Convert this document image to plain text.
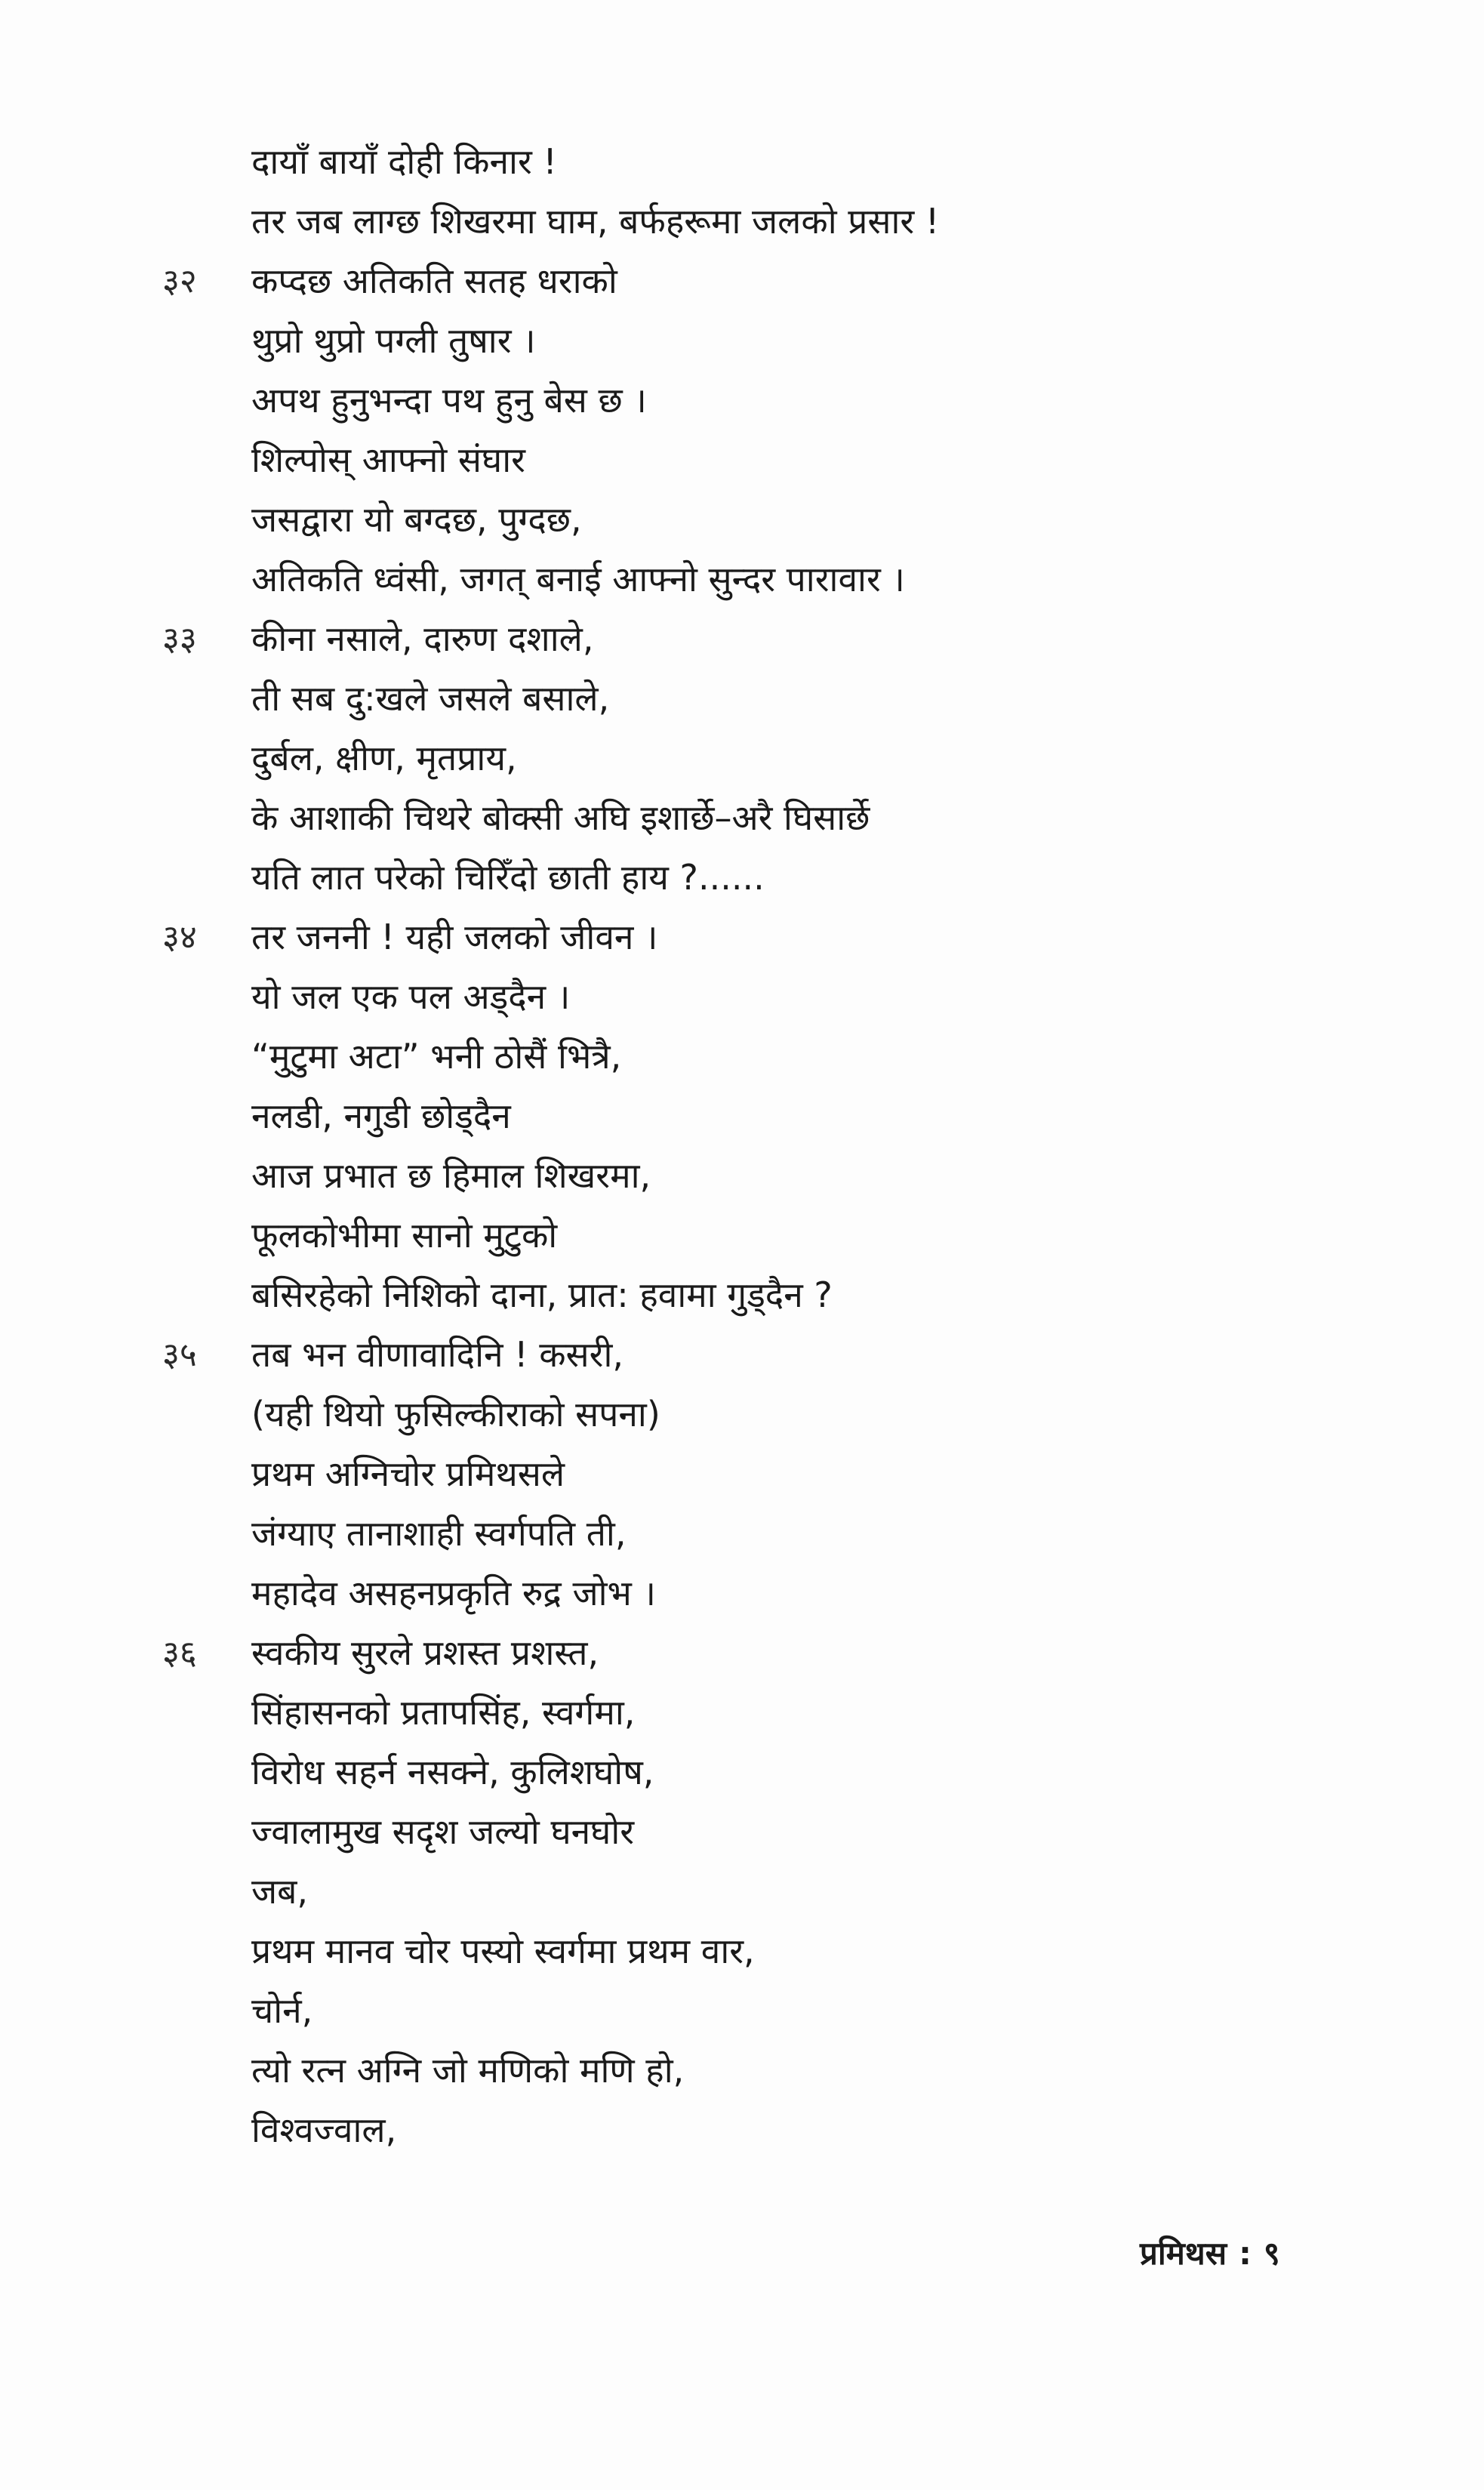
दायाँ बायाँ दोही किनार !
तर जब लाग्छ शिखरमा घाम, बर्फहरूमा जलको प्रसार !
३२	कप्दछ अतिकति सतह धराको
थुप्रो थुप्रो पग्ली तुषार ।
अपथ हुनुभन्दा पथ हुनु बेस छ ।
शिल्पोस् आफ्नो संघार
जसद्वारा यो बग्दछ, पुग्दछ,
अतिकति ध्वंसी, जगत् बनाई आफ्नो सुन्दर पारावार ।
३३	कीना नसाले, दारुण दशाले,
ती सब दु:खले जसले बसाले,
दुर्बल, क्षीण, मृतप्राय,
के आशाकी चिथरे बोक्सी अघि इशार्छे–अरै घिसार्छे
यति लात परेको चिरिँदो छाती हाय ?......
३४	तर जननी ! यही जलको जीवन ।
यो जल एक पल अड्दैन ।
“मुटुमा अटा” भनी ठोसैं भित्रै,
नलडी, नगुडी छोड्दैन
आज प्रभात छ हिमाल शिखरमा,
फूलकोभीमा सानो मुटुको
बसिरहेको निशिको दाना, प्रात: हवामा गुड्दैन ?
३५	तब भन वीणावादिनि ! कसरी,
(यही थियो फुसिल्कीराको सपना)
प्रथम अग्निचोर प्रमिथसले
जंग्याए तानाशाही स्वर्गपति ती,
महादेव असहनप्रकृति रुद्र जोभ ।
३६	स्वकीय सुरले प्रशस्त प्रशस्त,
सिंहासनको प्रतापसिंह, स्वर्गमा,
विरोध सहर्न नसक्ने, कुलिशघोष,
ज्वालामुख सदृश जल्यो घनघोर
जब,
प्रथम मानव चोर पस्यो स्वर्गमा प्रथम वार,
चोर्न,
त्यो रत्न अग्नि जो मणिको मणि हो,
विश्वज्वाल,
प्रमिथस : ९
